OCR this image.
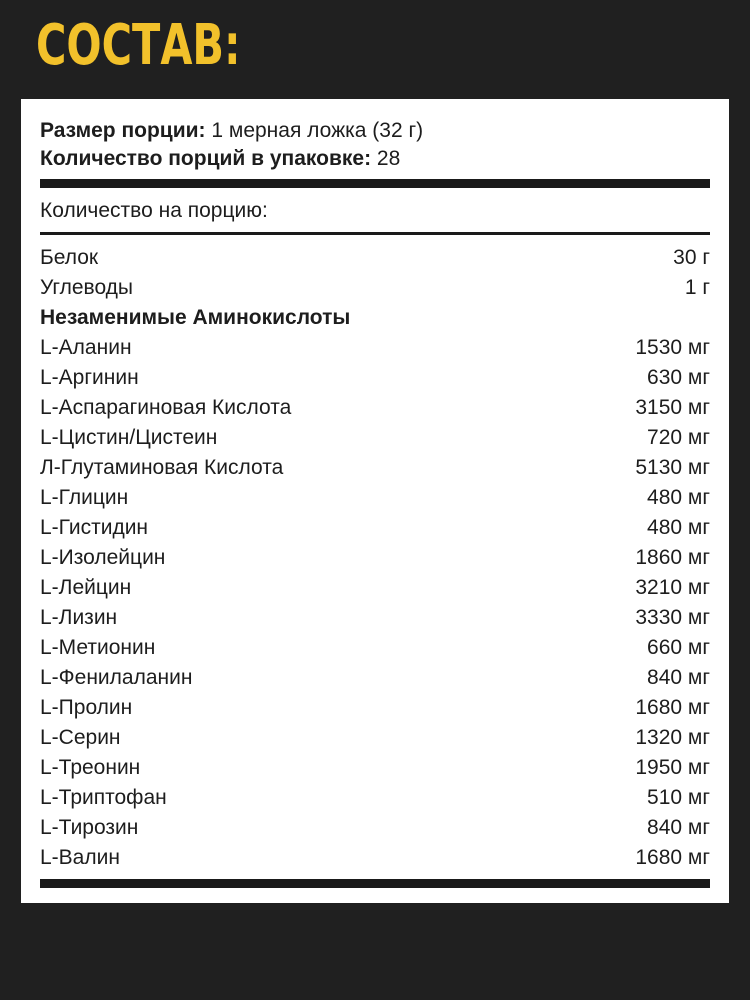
СОСТАВ:
Размер порции: 1 мерная ложка (32 г)
Количество порций в упаковке: 28
Количество на порцию:
Белок	30 г
Углеводы	1 г
Незаменимые Аминокислоты
L-Аланин	1530 мг
L-Аргинин	630 мг
L-Аспарагиновая Кислота	3150 мг
L-Цистин/Цистеин	720 мг
Л-Глутаминовая Кислота	5130 мг
L-Глицин	480 мг
L-Гистидин	480 мг
L-Изолейцин	1860 мг
L-Лейцин	3210 мг
L-Лизин	3330 мг
L-Метионин	660 мг
L-Фенилаланин	840 мг
L-Пролин	1680 мг
L-Серин	1320 мг
L-Треонин	1950 мг
L-Триптофан	510 мг
L-Тирозин	840 мг
L-Валин	1680 мг
